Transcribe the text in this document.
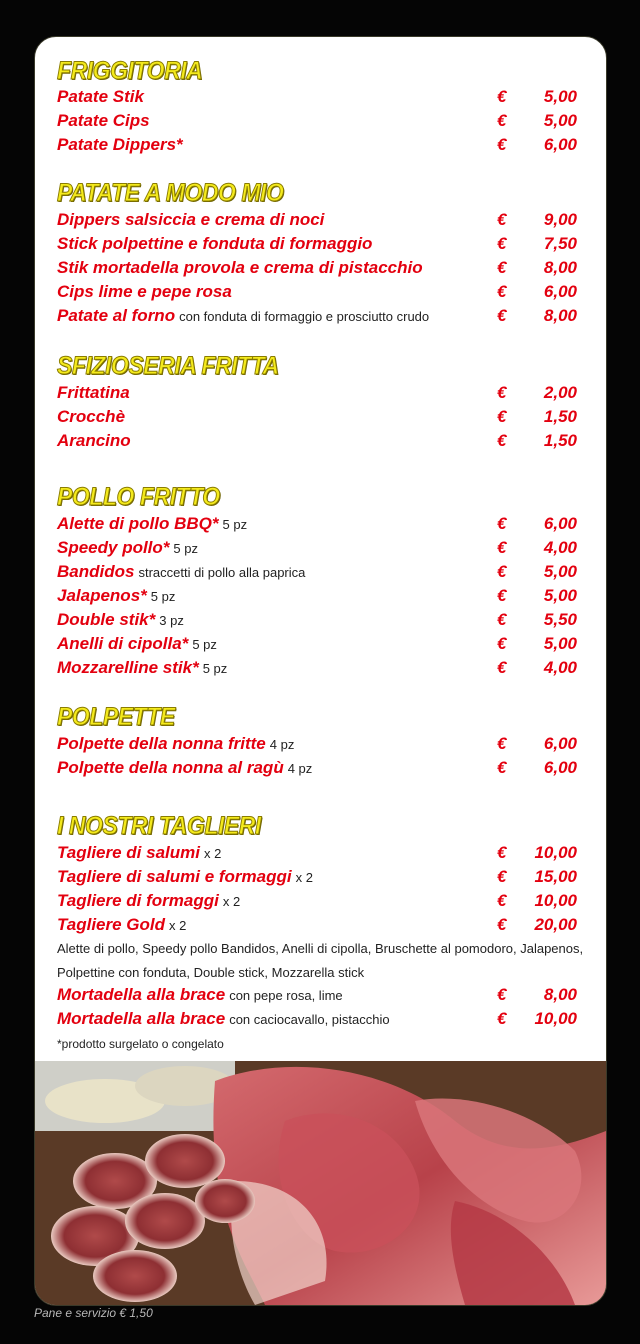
FRIGGITORIA
Patate Stik	€ 5,00
Patate Cips	€ 5,00
Patate Dippers*	€ 6,00
PATATE A MODO MIO
Dippers salsiccia e crema di noci	€ 9,00
Stick polpettine e fonduta di formaggio	€ 7,50
Stik mortadella provola e crema di pistacchio	€ 8,00
Cips lime e pepe rosa	€ 6,00
Patate al forno con fonduta di formaggio e prosciutto crudo	€ 8,00
SFIZIOSERIA FRITTA
Frittatina	€ 2,00
Crocchè	€ 1,50
Arancino	€ 1,50
POLLO FRITTO
Alette di pollo BBQ* 5 pz	€ 6,00
Speedy pollo* 5 pz	€ 4,00
Bandidos straccetti di pollo alla paprica	€ 5,00
Jalapenos* 5 pz	€ 5,00
Double stik* 3 pz	€ 5,50
Anelli di cipolla* 5 pz	€ 5,00
Mozzarelline stik* 5 pz	€ 4,00
POLPETTE
Polpette della nonna fritte 4 pz	€ 6,00
Polpette della nonna al ragù 4 pz	€ 6,00
I NOSTRI TAGLIERI
Tagliere di salumi x 2	€ 10,00
Tagliere di salumi e formaggi x 2	€ 15,00
Tagliere di formaggi x 2	€ 10,00
Tagliere Gold x 2	€ 20,00
Alette di pollo, Speedy pollo Bandidos, Anelli di cipolla, Bruschette al pomodoro, Jalapenos,
Polpettine con fonduta, Double stick, Mozzarella stick
Mortadella alla brace con pepe rosa, lime	€ 8,00
Mortadella alla brace con caciocavallo, pistacchio	€ 10,00
*prodotto surgelato o congelato
Pane e servizio € 1,50
